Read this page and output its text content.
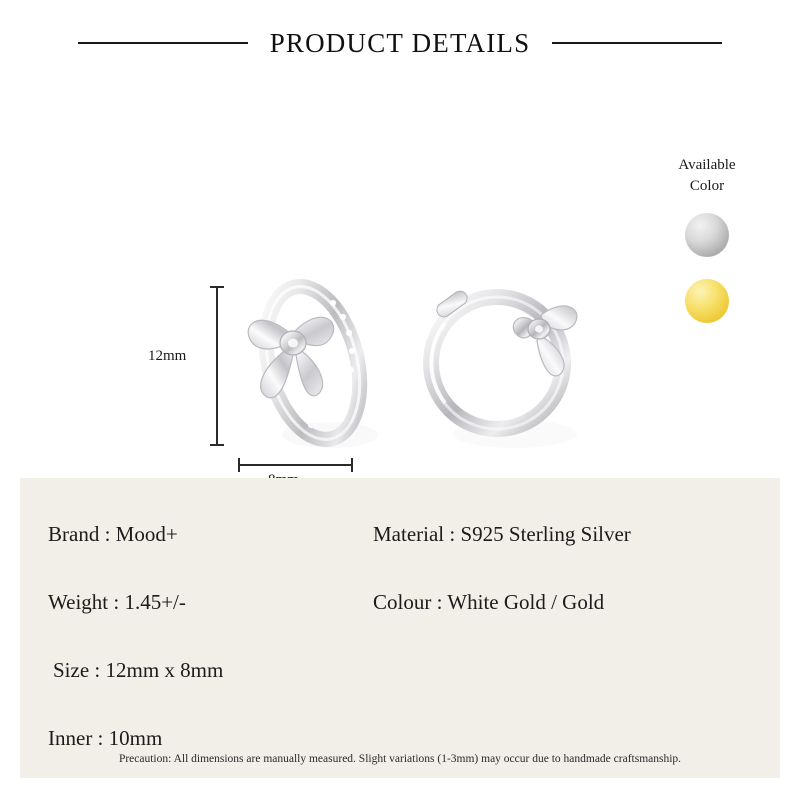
PRODUCT DETAILS
12mm
Available
Color
Brand : Mood+	Material : S925 Sterling Silver
Weight : 1.45+/-	Colour : White Gold / Gold
Size : 12mm x 8mm
Inner : 10mm
Precaution: All dimensions are manually measured. Slight variations (1-3mm) may occur due to handmade craftsmanship.
